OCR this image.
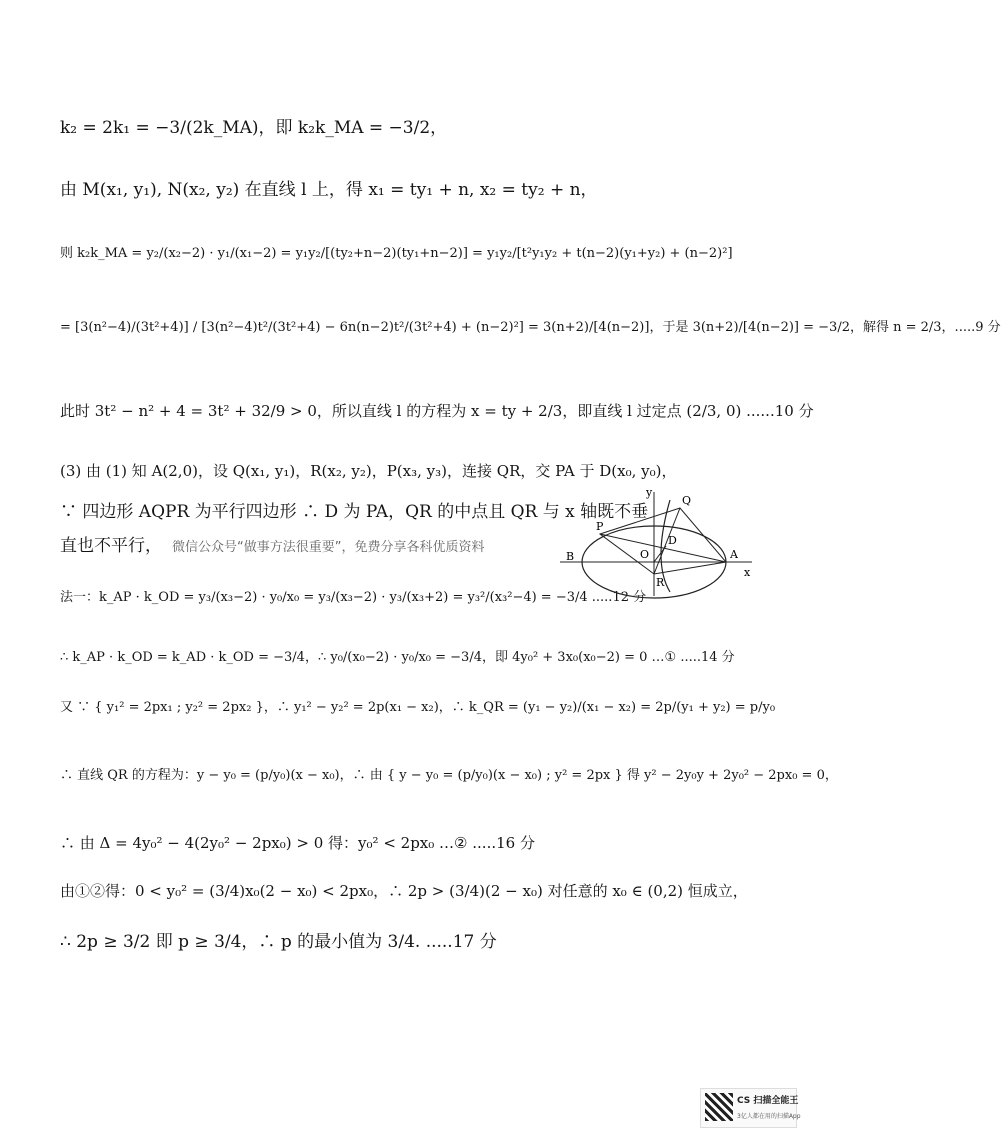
k₂ = 2k₁ = −3/(2k_MA)，即 k₂k_MA = −3/2，
由 M(x₁, y₁), N(x₂, y₂) 在直线 l 上，得 x₁ = ty₁ + n, x₂ = ty₂ + n，
则 k₂k_MA = y₂/(x₂−2) · y₁/(x₁−2) = y₁y₂/[(ty₂+n−2)(ty₁+n−2)] = y₁y₂/[t²y₁y₂ + t(n−2)(y₁+y₂) + (n−2)²]
= [3(n²−4)/(3t²+4)] / [3(n²−4)t²/(3t²+4) − 6n(n−2)t²/(3t²+4) + (n−2)²] = 3(n+2)/[4(n−2)]，于是 3(n+2)/[4(n−2)] = −3/2，解得 n = 2/3，.....9 分
此时 3t² − n² + 4 = 3t² + 32/9 > 0，所以直线 l 的方程为 x = ty + 2/3，即直线 l 过定点 (2/3, 0) ......10 分
(3) 由 (1) 知 A(2,0)，设 Q(x₁, y₁)，R(x₂, y₂)，P(x₃, y₃)，连接 QR，交 PA 于 D(x₀, y₀)，
∵ 四边形 AQPR 为平行四边形 ∴ D 为 PA，QR 的中点且 QR 与 x 轴既不垂
直也不平行， 微信公众号“做事方法很重要”，免费分享各科优质资料
法一：k_AP · k_OD = y₃/(x₃−2) · y₀/x₀ = y₃/(x₃−2) · y₃/(x₃+2) = y₃²/(x₃²−4) = −3/4 .....12 分
∴ k_AP · k_OD = k_AD · k_OD = −3/4，∴ y₀/(x₀−2) · y₀/x₀ = −3/4，即 4y₀² + 3x₀(x₀−2) = 0 …① .....14 分
又 ∵ { y₁² = 2px₁ ; y₂² = 2px₂ }，∴ y₁² − y₂² = 2p(x₁ − x₂)，∴ k_QR = (y₁ − y₂)/(x₁ − x₂) = 2p/(y₁ + y₂) = p/y₀
∴ 直线 QR 的方程为：y − y₀ = (p/y₀)(x − x₀)，∴ 由 { y − y₀ = (p/y₀)(x − x₀) ; y² = 2px } 得 y² − 2y₀y + 2y₀² − 2px₀ = 0，
∴ 由 Δ = 4y₀² − 4(2y₀² − 2px₀) > 0 得：y₀² < 2px₀ …② .....16 分
由①②得：0 < y₀² = (3/4)x₀(2 − x₀) < 2px₀，∴ 2p > (3/4)(2 − x₀) 对任意的 x₀ ∈ (0,2) 恒成立，
∴ 2p ≥ 3/2 即 p ≥ 3/4，∴ p 的最小值为 3/4. .....17 分
y
x
P
Q
D
B	O	A
R
CS 扫描全能王
3亿人都在用的扫描App
